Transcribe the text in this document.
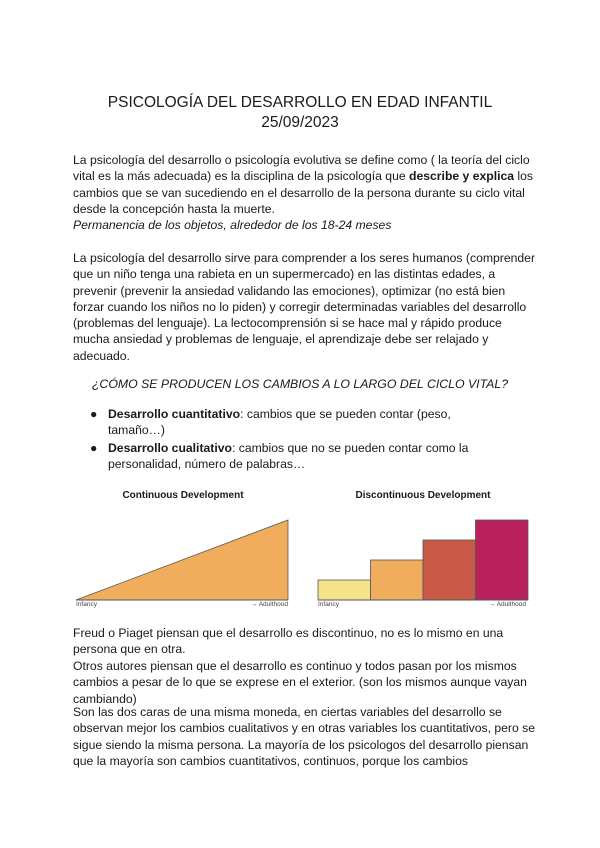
PSICOLOGÍA DEL DESARROLLO EN EDAD INFANTIL
25/09/2023

La psicología del desarrollo o psicología evolutiva se define como ( la teoría del ciclo vital es la más adecuada) es la disciplina de la psicología que describe y explica los cambios que se van sucediendo en el desarrollo de la persona durante su ciclo vital desde la concepción hasta la muerte.

Permanencia de los objetos, alrededor de los 18-24 meses

La psicología del desarrollo sirve para comprender a los seres humanos (comprender que un niño tenga una rabieta en un supermercado) en las distintas edades, a prevenir (prevenir la ansiedad validando las emociones), optimizar (no está bien forzar cuando los niños no lo piden) y corregir determinadas variables del desarrollo (problemas del lenguaje). La lectocomprensión si se hace mal y rápido produce mucha ansiedad y problemas de lenguaje, el aprendizaje debe ser relajado y adecuado.

¿CÓMO SE PRODUCEN LOS CAMBIOS A LO LARGO DEL CICLO VITAL?
● Desarrollo cuantitativo: cambios que se pueden contar (peso, tamaño…)
● Desarrollo cualitativo: cambios que no se pueden contar como la personalidad, número de palabras…
Continuous Development
Infancy	→ Adulthood
Discontinuous Development
Infancy	→ Adulthood

Freud o Piaget piensan que el desarrollo es discontinuo, no es lo mismo en una persona que en otra.

Otros autores piensan que el desarrollo es continuo y todos pasan por los mismos cambios a pesar de lo que se exprese en el exterior. (son los mismos aunque vayan cambiando)

Son las dos caras de una misma moneda, en ciertas variables del desarrollo se observan mejor los cambios cualitativos y en otras variables los cuantitativos, pero se sigue siendo la misma persona. La mayoría de los psicologos del desarrollo piensan que la mayoría son cambios cuantitativos, continuos, porque los cambios
